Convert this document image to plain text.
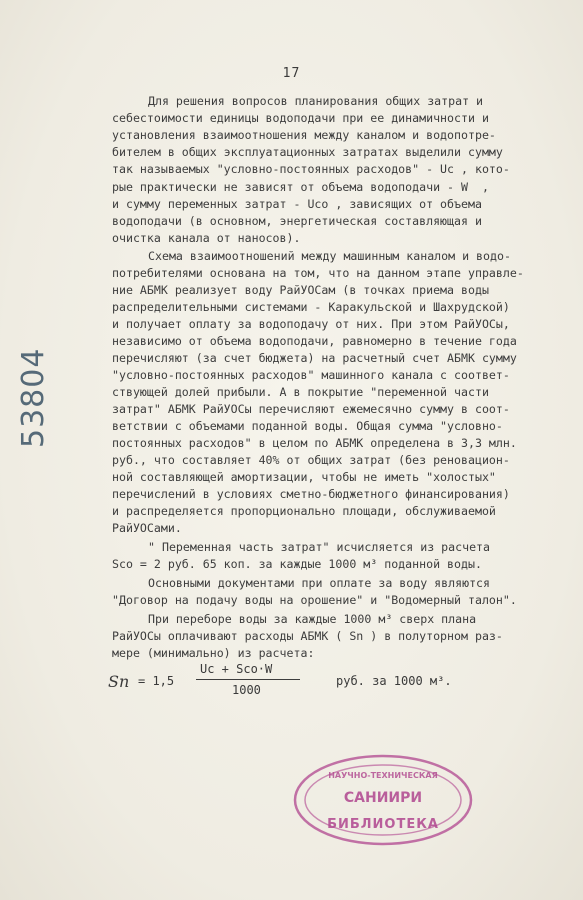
17
53804
Для решения вопросов планирования общих затрат и
себестоимости единицы водоподачи при ее динамичности и
установления взаимоотношения между каналом и водопотре-
бителем в общих эксплуатационных затратах выделили сумму
так называемых "условно-постоянных расходов" - Uc , кото-
рые практически не зависят от объема водоподачи - W  ,
и сумму переменных затрат - Uco , зависящих от объема
водоподачи (в основном, энергетическая составляющая и
очистка канала от наносов).
Схема взаимоотношений между машинным каналом и водо-
потребителями основана на том, что на данном этапе управле-
ние АБМК реализует воду РайУОСам (в точках приема воды
распределительными системами - Каракульской и Шахрудской)
и получает оплату за водоподачу от них. При этом РайУОСы,
независимо от объема водоподачи, равномерно в течение года
перечисляют (за счет бюджета) на расчетный счет АБМК сумму
"условно-постоянных расходов" машинного канала с соответ-
ствующей долей прибыли. А в покрытие "переменной части
затрат" АБМК РайУОСы перечисляют ежемесячно сумму в соот-
ветствии с объемами поданной воды. Общая сумма "условно-
постоянных расходов" в целом по АБМК определена в 3,3 млн.
руб., что составляет 40% от общих затрат (без реновацион-
ной составляющей амортизации, чтобы не иметь "холостых"
перечислений в условиях сметно-бюджетного финансирования)
и распределяется пропорционально площади, обслуживаемой
РайУОСами.
" Переменная часть затрат" исчисляется из расчета
Sco = 2 руб. 65 коп. за каждые 1000 м³ поданной воды.
Основными документами при оплате за воду являются
"Договор на подачу воды на орошение" и "Водомерный талон".
При переборе воды за каждые 1000 м³ сверх плана
РайУОСы оплачивают расходы АБМК ( Sn ) в полуторном раз-
мере (минимально) из расчета:
Sn = 1,5
Uc + Sco·W
1000
руб. за 1000 м³.
НАУЧНО-ТЕХНИЧЕСКАЯ
САНИИРИ
БИБЛИОТЕКА
